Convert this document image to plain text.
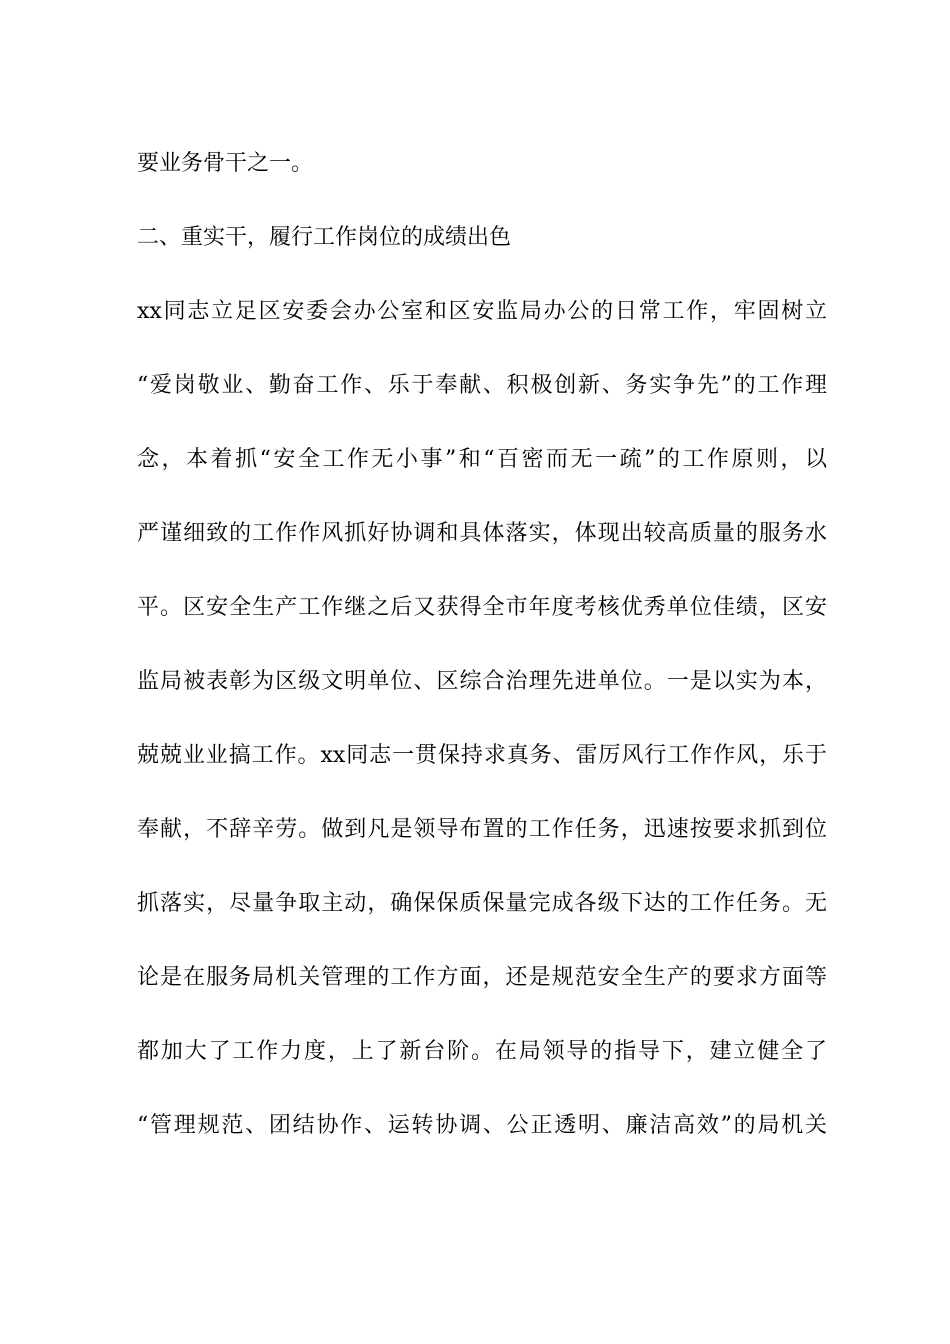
要业务骨干之一。
二、重实干，履行工作岗位的成绩出色
xx同志立足区安委会办公室和区安监局办公的日常工作，牢固树立
“爱岗敬业、勤奋工作、乐于奉献、积极创新、务实争先”的工作理
念，本着抓“安全工作无小事”和“百密而无一疏”的工作原则，以
严谨细致的工作作风抓好协调和具体落实，体现出较高质量的服务水
平。区安全生产工作继之后又获得全市年度考核优秀单位佳绩，区安
监局被表彰为区级文明单位、区综合治理先进单位。一是以实为本，
兢兢业业搞工作。xx同志一贯保持求真务、雷厉风行工作作风，乐于
奉献，不辞辛劳。做到凡是领导布置的工作任务，迅速按要求抓到位
抓落实，尽量争取主动，确保保质保量完成各级下达的工作任务。无
论是在服务局机关管理的工作方面，还是规范安全生产的要求方面等
都加大了工作力度，上了新台阶。在局领导的指导下，建立健全了
“管理规范、团结协作、运转协调、公正透明、廉洁高效”的局机关
